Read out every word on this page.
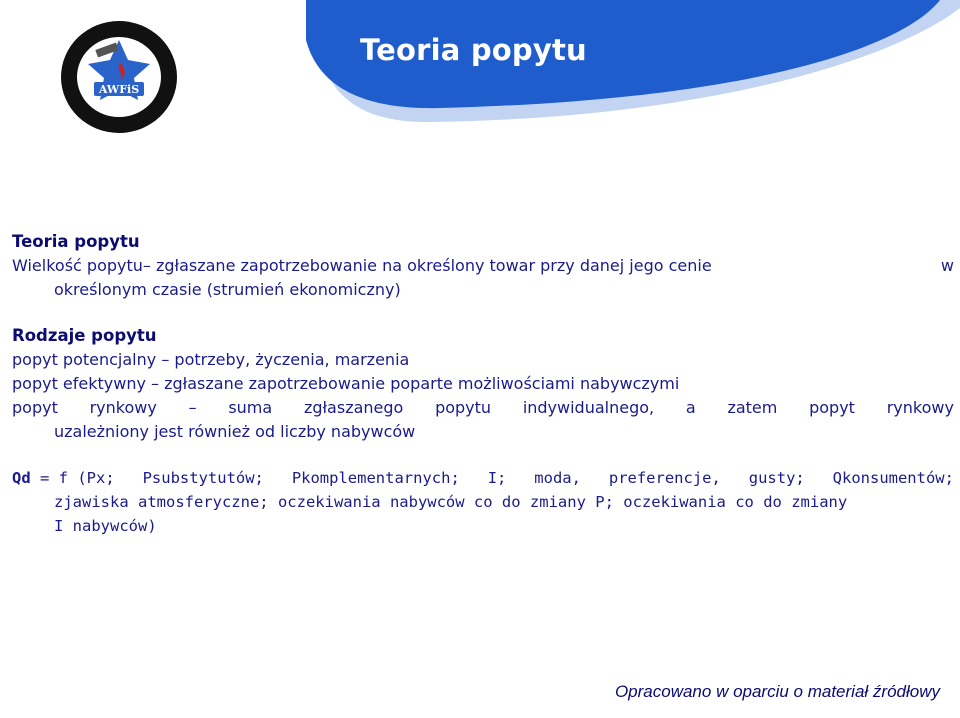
Teoria popytu
AWFiS
Teoria popytu
Wielkość popytu– zgłaszane zapotrzebowanie na określony towar przy danej jego cenie	w
określonym czasie (strumień ekonomiczny)
Rodzaje popytu
popyt potencjalny – potrzeby, życzenia, marzenia
popyt efektywny – zgłaszane zapotrzebowanie poparte możliwościami nabywczymi
popyt rynkowy – suma zgłaszanego popytu indywidualnego, a zatem popyt rynkowy
uzależniony jest również od liczby nabywców
Qd = f (Px; Psubstytutów; Pkomplementarnych; I; moda, preferencje, gusty; Qkonsumentów;
zjawiska atmosferyczne; oczekiwania nabywców co do zmiany P; oczekiwania co do zmiany
I nabywców)
Opracowano w oparciu o materiał źródłowy
